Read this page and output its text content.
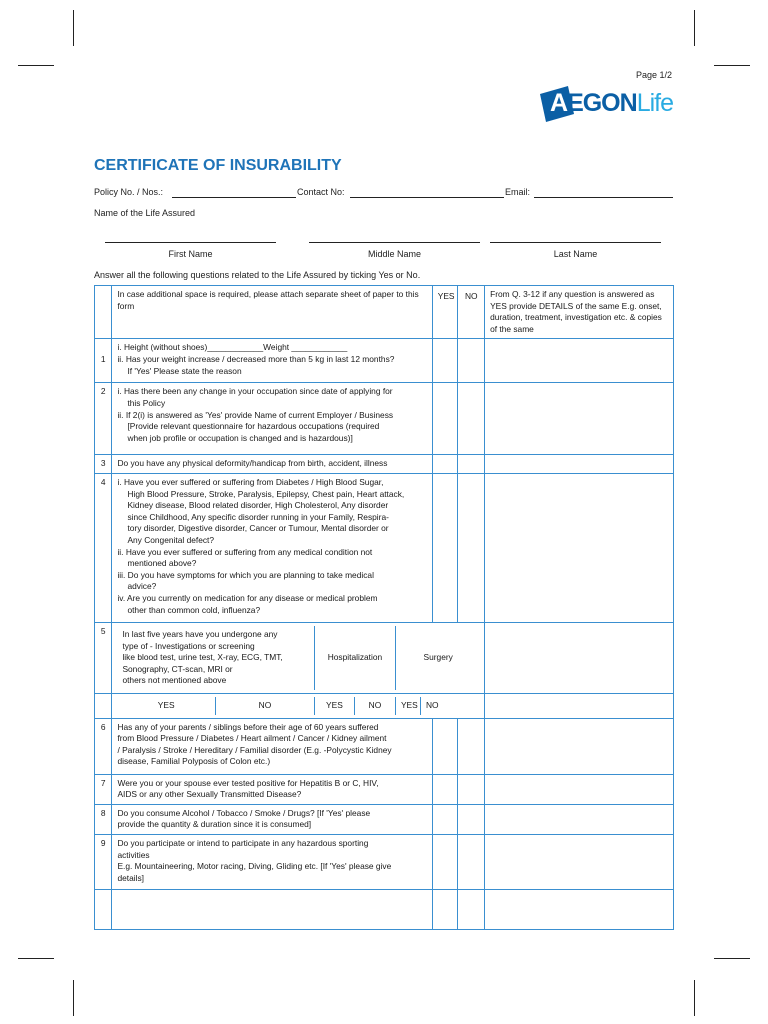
Page 1/2
AEGONLife
CERTIFICATE OF INSURABILITY
Policy No. / Nos.:	Contact No:	Email:
Name of the Life Assured
First Name	Middle Name	Last Name
Answer all the following questions related to the Life Assured by ticking Yes or No.
	In case additional space is required, please attach separate sheet of paper to this form	YES	NO	From Q. 3-12 if any question is answered as YES provide DETAILS of the same E.g. onset, duration, treatment, investigation etc. & copies of the same
1	
i. Height (without shoes)____________Weight ____________
ii. Has your weight increase / decreased more than 5 kg in last 12 months?
If 'Yes' Please state the reason

2	i. Has there been any change in your occupation since date of applying for
this Policy
ii. If 2(i) is answered as 'Yes' provide Name of current Employer / Business
[Provide relevant questionnaire for hazardous occupations (required
when job profile or occupation is changed and is hazardous)]

3	Do you have any physical deformity/handicap from birth, accident, illness			
4	i. Have you ever suffered or suffering from Diabetes / High Blood Sugar,
High Blood Pressure, Stroke, Paralysis, Epilepsy, Chest pain, Heart attack,
Kidney disease, Blood related disorder, High Cholesterol, Any disorder
since Childhood, Any specific disorder running in your Family, Respira-
tory disorder, Digestive disorder, Cancer or Tumour, Mental disorder or
Any Congenital defect?
ii. Have you ever suffered or suffering from any medical condition not
mentioned above?
iii. Do you have symptoms for which you are planning to take medical
advice?
iv. Are you currently on medication for any disease or medical problem
other than common cold, influenza?

5	In last five years have you undergone any
type of - Investigations or screening
like blood test, urine test, X-ray, ECG, TMT,
Sonography, CT-scan, MRI or
others not mentioned above
	Hospitalization	Surgery

YES	NO	YES	NO	YES	NO

6	Has any of your parents / siblings before their age of 60 years suffered
from Blood Pressure / Diabetes / Heart ailment / Cancer / Kidney ailment
/ Paralysis / Stroke / Hereditary / Familial disorder (E.g. -Polycystic Kidney
disease, Familial Polyposis of Colon etc.)

7	Were you or your spouse ever tested positive for Hepatitis B or C, HIV,
AIDS or any other Sexually Transmitted Disease?

8	Do you consume Alcohol / Tobacco / Smoke / Drugs? [If 'Yes' please
provide the quantity & duration since it is consumed]

9	Do you participate or intend to participate in any hazardous sporting
activities
E.g. Mountaineering, Motor racing, Diving, Gliding etc. [If 'Yes' please give
details]
